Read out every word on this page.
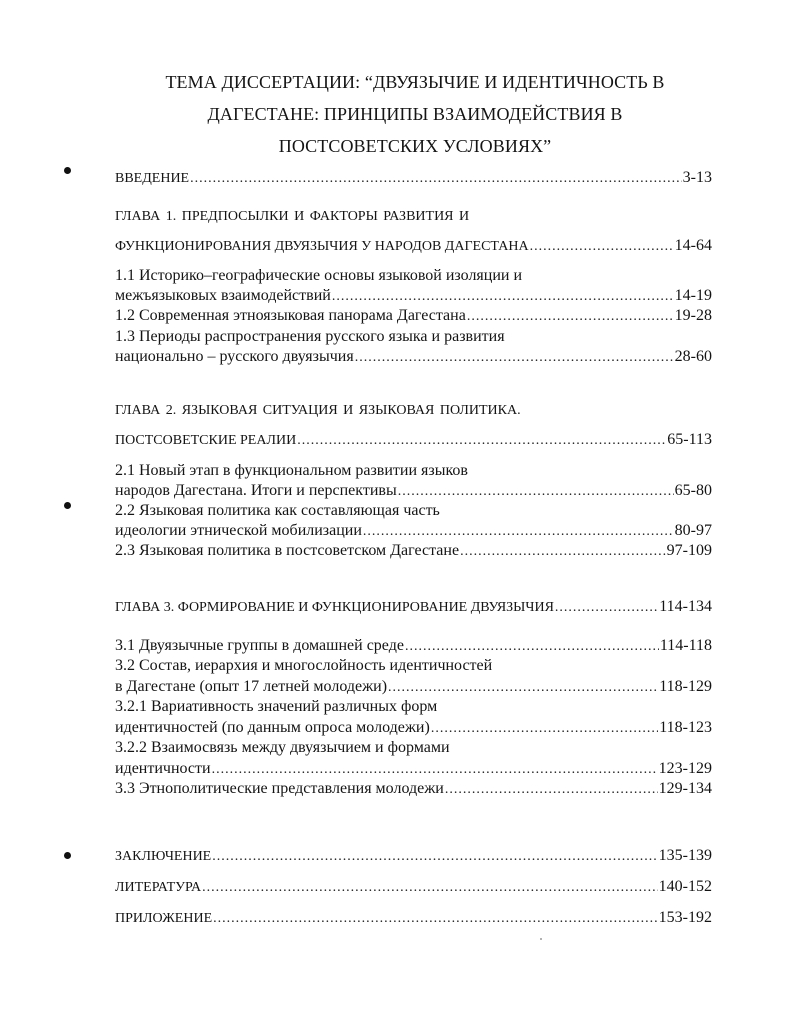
ТЕМА ДИССЕРТАЦИИ: “ДВУЯЗЫЧИЕ И ИДЕНТИЧНОСТЬ В
ДАГЕСТАНЕ: ПРИНЦИПЫ ВЗАИМОДЕЙСТВИЯ В
ПОСТСОВЕТСКИХ УСЛОВИЯХ”
ВВЕДЕНИЕ .....	3-13
ГЛАВА 1. ПРЕДПОСЫЛКИ И ФАКТОРЫ РАЗВИТИЯ И
ФУНКЦИОНИРОВАНИЯ ДВУЯЗЫЧИЯ У НАРОДОВ ДАГЕСТАНА .....	14-64
1.1 Историко–географические основы языковой изоляции и
межъязыковых взаимодействий .....	14-19
1.2 Современная этноязыковая панорама Дагестана .....	19-28
1.3 Периоды распространения русского языка и развития
национально – русского двуязычия .....	28-60
ГЛАВА 2. ЯЗЫКОВАЯ СИТУАЦИЯ И ЯЗЫКОВАЯ ПОЛИТИКА.
ПОСТСОВЕТСКИЕ РЕАЛИИ .....	65-113
2.1 Новый этап в функциональном развитии языков
народов Дагестана. Итоги и перспективы .....	65-80
2.2 Языковая политика как составляющая часть
идеологии этнической мобилизации .....	80-97
2.3 Языковая политика в постсоветском Дагестане .....	97-109
ГЛАВА 3. ФОРМИРОВАНИЕ И ФУНКЦИОНИРОВАНИЕ ДВУЯЗЫЧИЯ .....	114-134
3.1 Двуязычные группы в домашней среде .....	114-118
3.2 Состав, иерархия и многослойность идентичностей
в Дагестане (опыт 17 летней молодежи) .....	118-129
3.2.1 Вариативность значений различных форм
идентичностей (по данным опроса молодежи) .....	118-123
3.2.2 Взаимосвязь между двуязычием и формами
идентичности .....	123-129
3.3 Этнополитические представления молодежи .....	129-134
ЗАКЛЮЧЕНИЕ .....	135-139
ЛИТЕРАТУРА .....	140-152
ПРИЛОЖЕНИЕ .....	153-192
